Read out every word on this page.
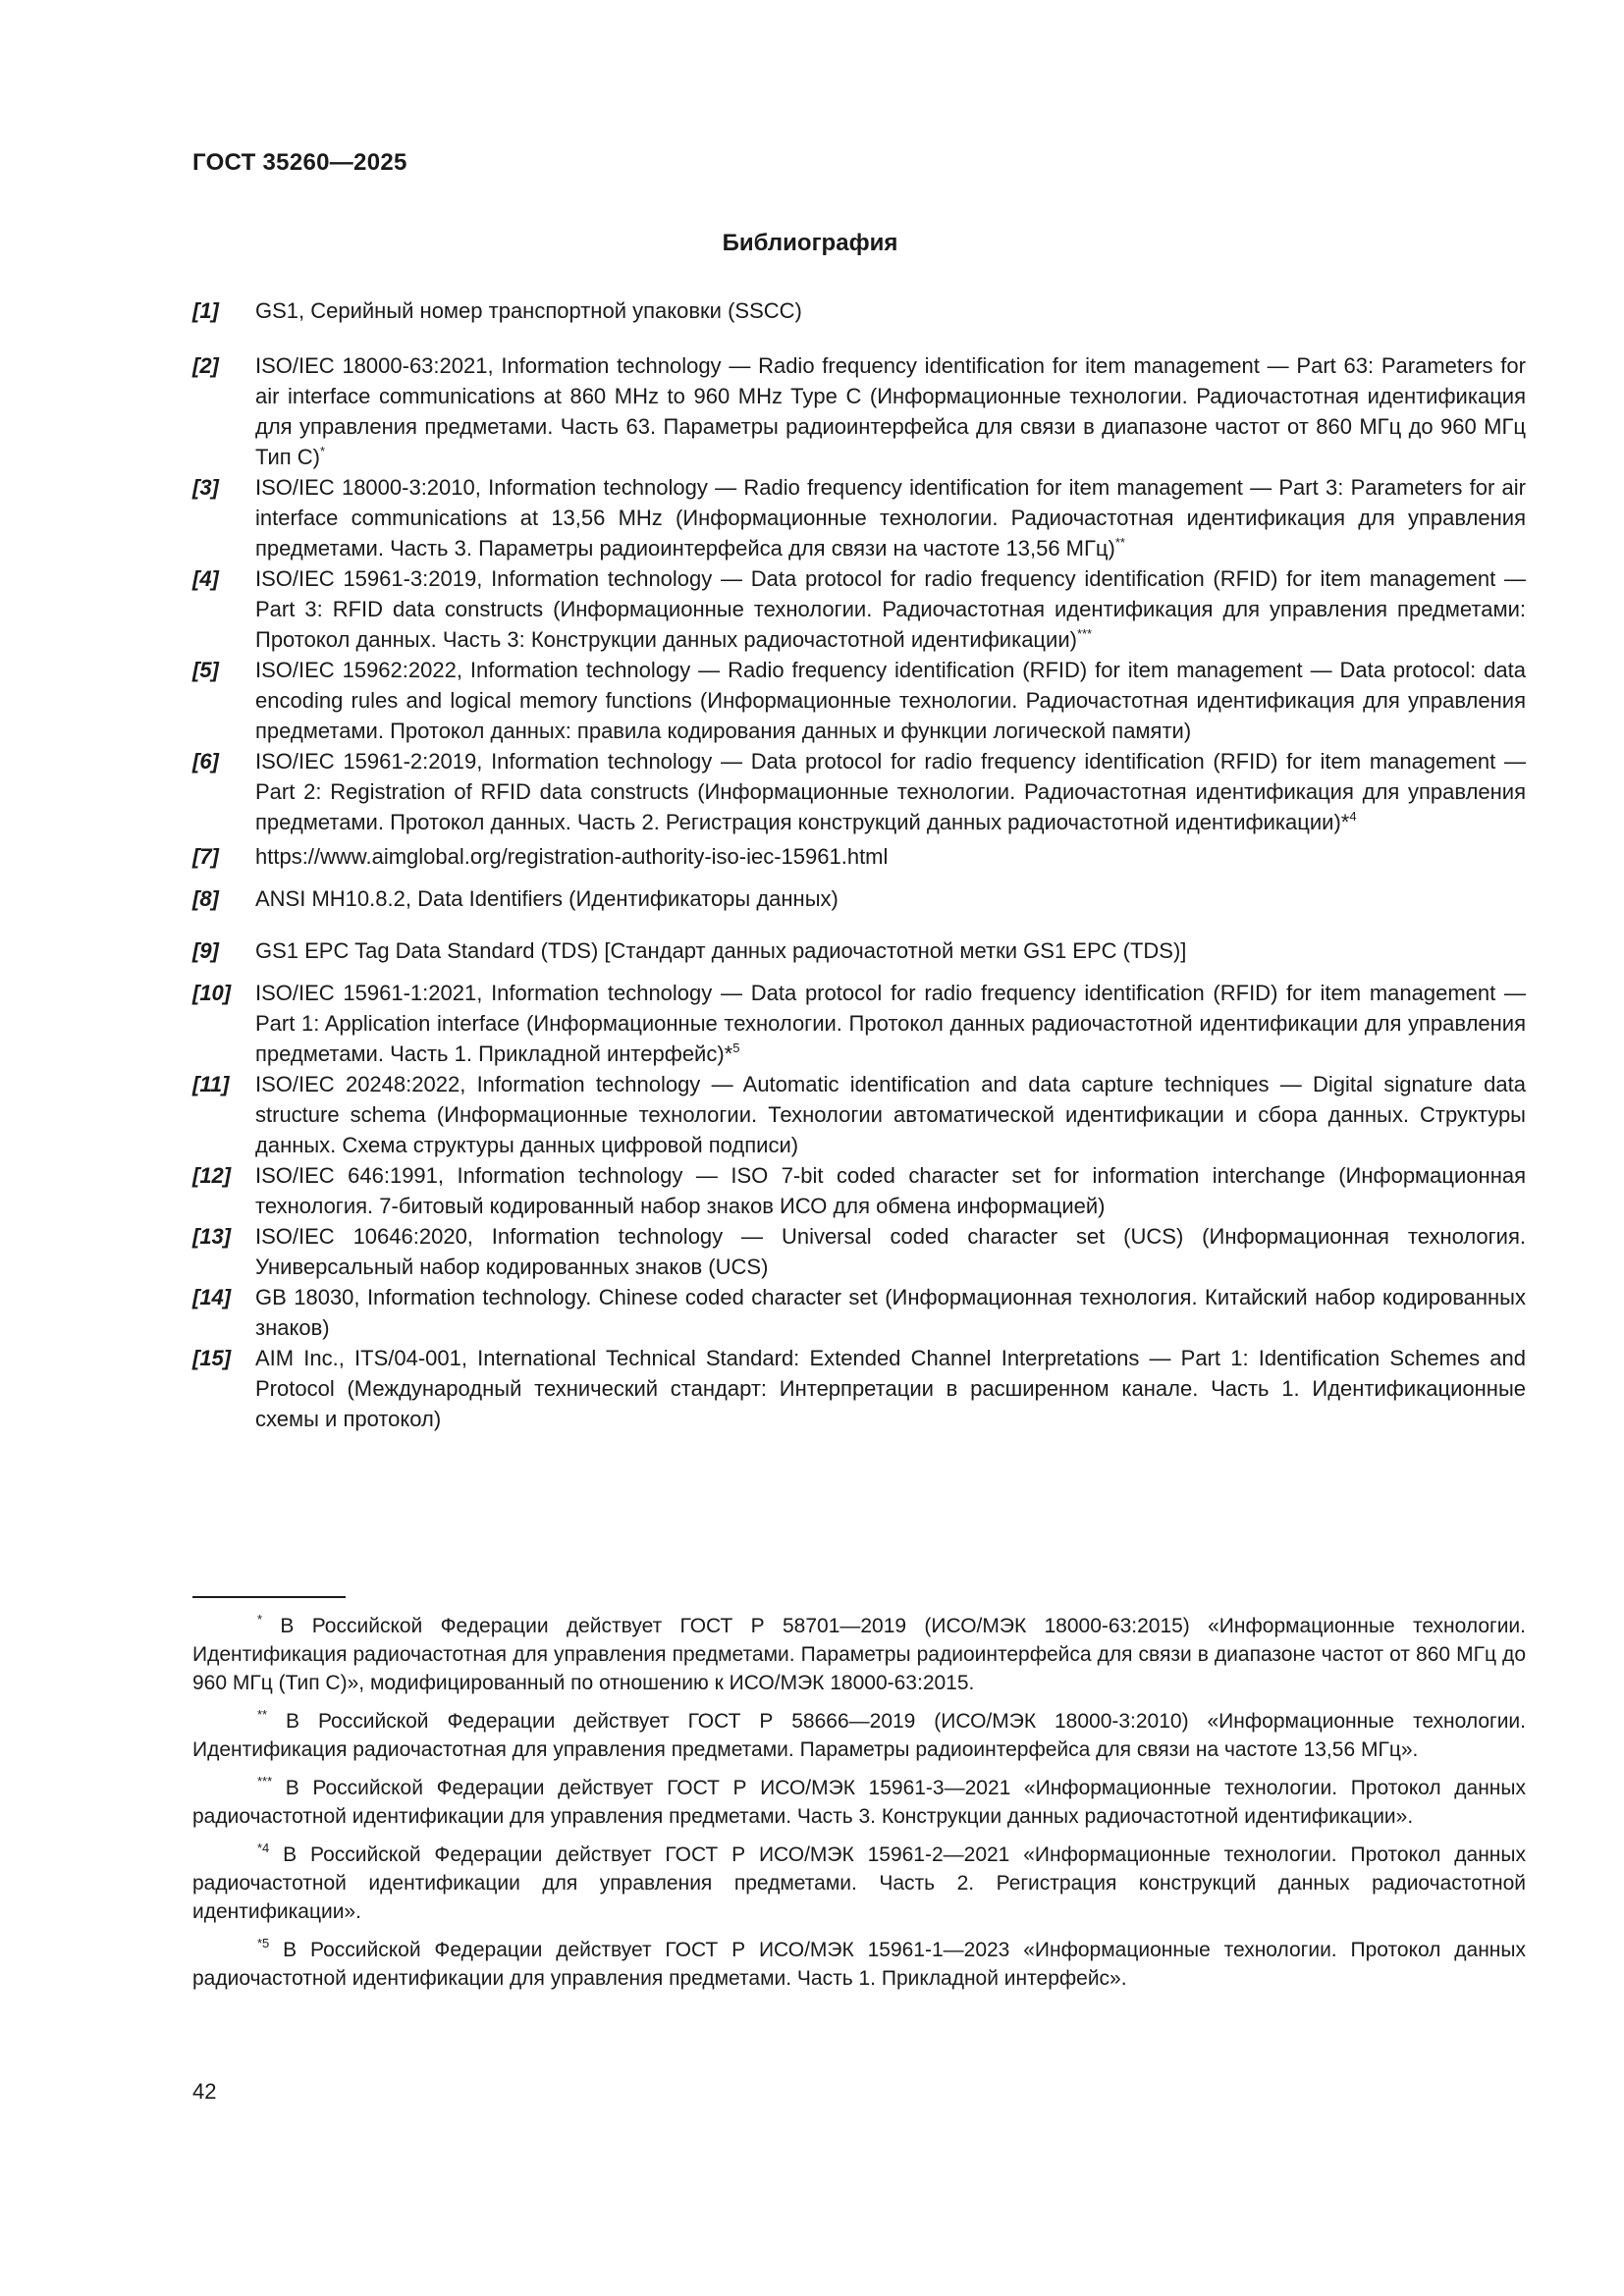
ГОСТ 35260—2025
Библиография
[1]	GS1, Серийный номер транспортной упаковки (SSCC)
[2]	ISO/IEC 18000-63:2021, Information technology — Radio frequency identification for item management — Part 63: Parameters for air interface communications at 860 MHz to 960 MHz Type C (Информационные технологии. Радиочастотная идентификация для управления предметами. Часть 63. Параметры радиоинтерфейса для связи в диапазоне частот от 860 МГц до 960 МГц Тип С)*
[3]	ISO/IEC 18000-3:2010, Information technology — Radio frequency identification for item management — Part 3: Parameters for air interface communications at 13,56 MHz (Информационные технологии. Радиочастотная идентификация для управления предметами. Часть 3. Параметры радиоинтерфейса для связи на частоте 13,56 МГц)**
[4]	ISO/IEC 15961-3:2019, Information technology — Data protocol for radio frequency identification (RFID) for item management — Part 3: RFID data constructs (Информационные технологии. Радиочастотная идентификация для управления предметами: Протокол данных. Часть 3: Конструкции данных радиочастотной идентификации)***
[5]	ISO/IEC 15962:2022, Information technology — Radio frequency identification (RFID) for item management — Data protocol: data encoding rules and logical memory functions (Информационные технологии. Радиочастотная идентификация для управления предметами. Протокол данных: правила кодирования данных и функции логической памяти)
[6]	ISO/IEC 15961-2:2019, Information technology — Data protocol for radio frequency identification (RFID) for item management — Part 2: Registration of RFID data constructs (Информационные технологии. Радиочастотная идентификация для управления предметами. Протокол данных. Часть 2. Регистрация конструкций данных радиочастотной идентификации)*$^4$
[7]	https://www.aimglobal.org/registration-authority-iso-iec-15961.html
[8]	ANSI MH10.8.2, Data Identifiers (Идентификаторы данных)
[9]	GS1 EPC Tag Data Standard (TDS) [Стандарт данных радиочастотной метки GS1 EPC (TDS)]
[10]	ISO/IEC 15961-1:2021, Information technology — Data protocol for radio frequency identification (RFID) for item management — Part 1: Application interface (Информационные технологии. Протокол данных радиочастотной идентификации для управления предметами. Часть 1. Прикладной интерфейс)*$^5$
[11]	ISO/IEC 20248:2022, Information technology — Automatic identification and data capture techniques — Digital signature data structure schema (Информационные технологии. Технологии автоматической идентификации и сбора данных. Структуры данных. Схема структуры данных цифровой подписи)
[12]	ISO/IEC 646:1991, Information technology — ISO 7-bit coded character set for information interchange (Информационная технология. 7-битовый кодированный набор знаков ИСО для обмена информацией)
[13]	ISO/IEC 10646:2020, Information technology — Universal coded character set (UCS) (Информационная технология. Универсальный набор кодированных знаков (UCS)
[14]	GB 18030, Information technology. Chinese coded character set (Информационная технология. Китайский набор кодированных знаков)
[15]	AIM Inc., ITS/04-001, International Technical Standard: Extended Channel Interpretations — Part 1: Identification Schemes and Protocol (Международный технический стандарт: Интерпретации в расширенном канале. Часть 1. Идентификационные схемы и протокол)
* В Российской Федерации действует ГОСТ Р 58701—2019 (ИСО/МЭК 18000-63:2015) «Информационные технологии. Идентификация радиочастотная для управления предметами. Параметры радиоинтерфейса для связи в диапазоне частот от 860 МГц до 960 МГц (Тип С)», модифицированный по отношению к ИСО/МЭК 18000-63:2015.
** В Российской Федерации действует ГОСТ Р 58666—2019 (ИСО/МЭК 18000-3:2010) «Информационные технологии. Идентификация радиочастотная для управления предметами. Параметры радиоинтерфейса для связи на частоте 13,56 МГц».
*** В Российской Федерации действует ГОСТ Р ИСО/МЭК 15961-3—2021 «Информационные технологии. Протокол данных радиочастотной идентификации для управления предметами. Часть 3. Конструкции данных радиочастотной идентификации».
$^{*4}$ В Российской Федерации действует ГОСТ Р ИСО/МЭК 15961-2—2021 «Информационные технологии. Протокол данных радиочастотной идентификации для управления предметами. Часть 2. Регистрация конструкций данных радиочастотной идентификации».
$^{*5}$ В Российской Федерации действует ГОСТ Р ИСО/МЭК 15961-1—2023 «Информационные технологии. Протокол данных радиочастотной идентификации для управления предметами. Часть 1. Прикладной интерфейс».
42
